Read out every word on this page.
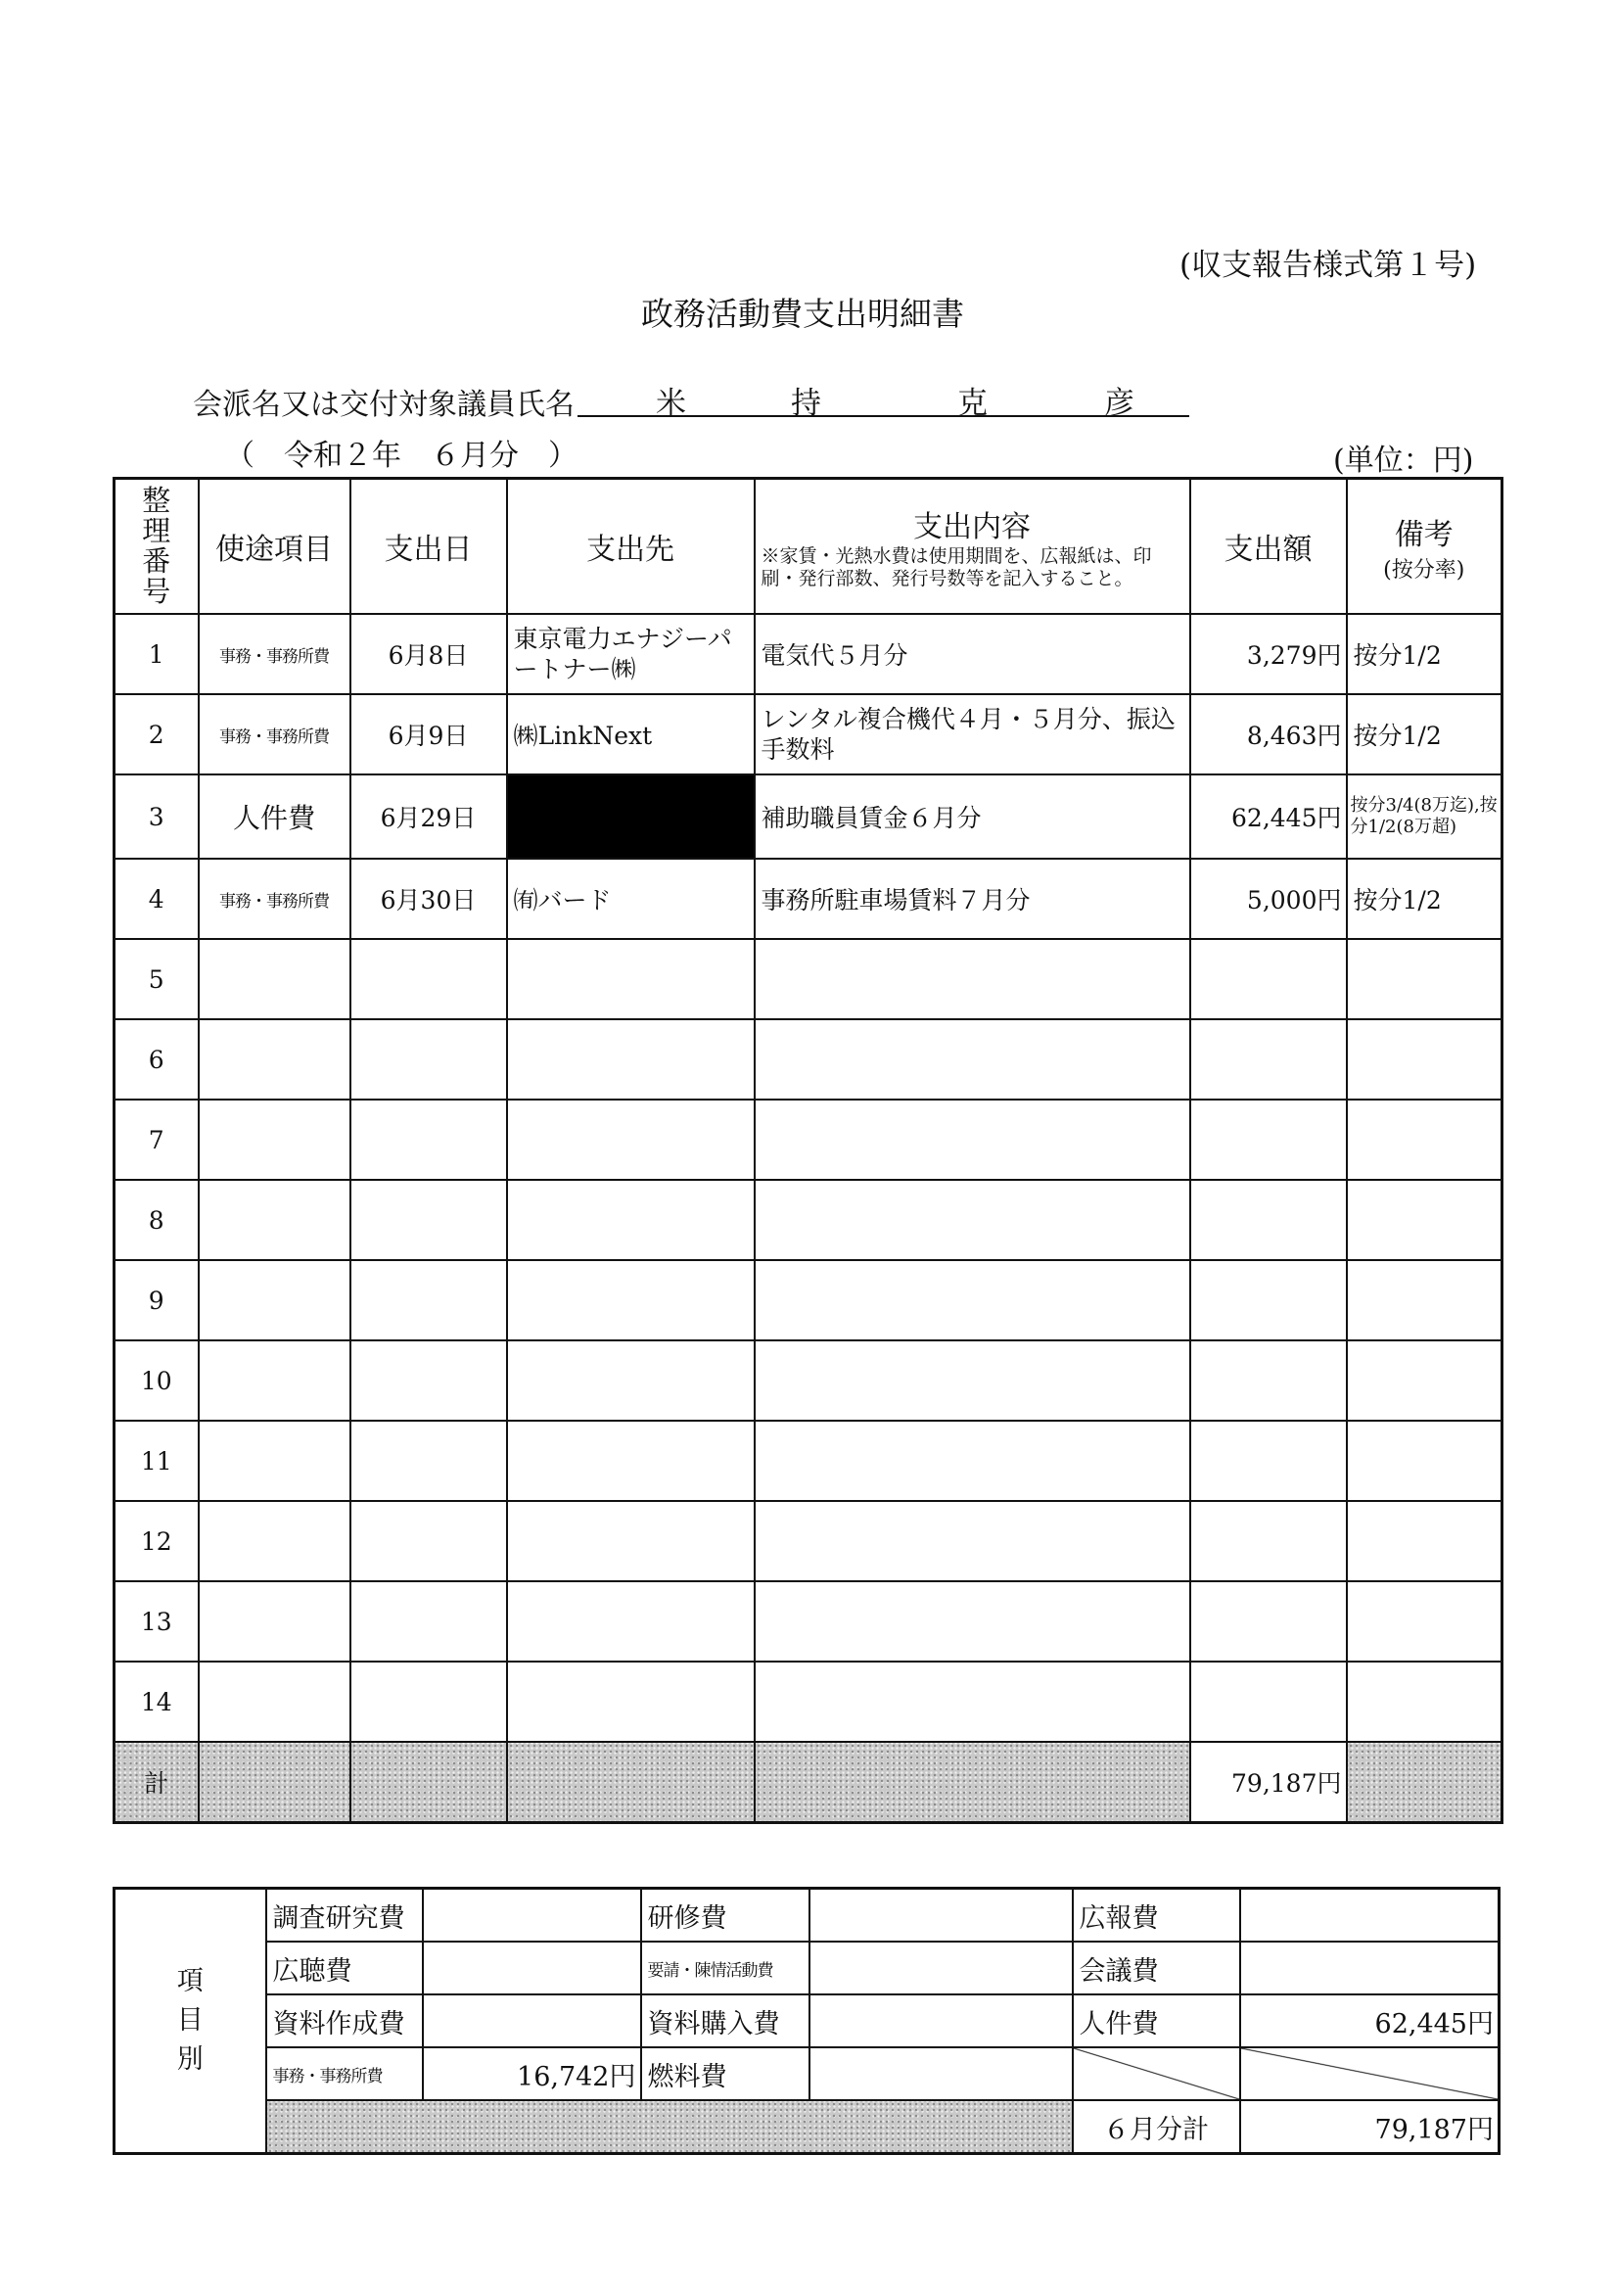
(収支報告様式第１号)
政務活動費支出明細書
会派名又は交付対象議員氏名	米	持	克	彦
（　令和２年　６月分　）	(単位：円)
整理番号	使途項目	支出日	支出先	支出内容
※家賃・光熱水費は使用期間を、広報紙は、印刷・発行部数、発行号数等を記入すること。	支出額	備考
(按分率)

1	事務・事務所費	6月8日	東京電力エナジーパートナー㈱	電気代５月分	3,279円	按分1/2
2	事務・事務所費	6月9日	㈱LinkNext	レンタル複合機代４月・５月分、振込手数料	8,463円	按分1/2
3	人件費	6月29日		補助職員賃金６月分	62,445円	按分3/4(8万迄),按分1/2(8万超)
4	事務・事務所費	6月30日	㈲バード	事務所駐車場賃料７月分	5,000円	按分1/2
5						
6						
7						
8						
9						
10						
11						
12						
13						
14						
計					79,187円	
項
目
別	調査研究費		研修費		広報費	
	広聴費		要請・陳情活動費		会議費	
	資料作成費		資料購入費		人件費	62,445円
	事務・事務所費	16,742円	燃料費			
					６月分計	79,187円
